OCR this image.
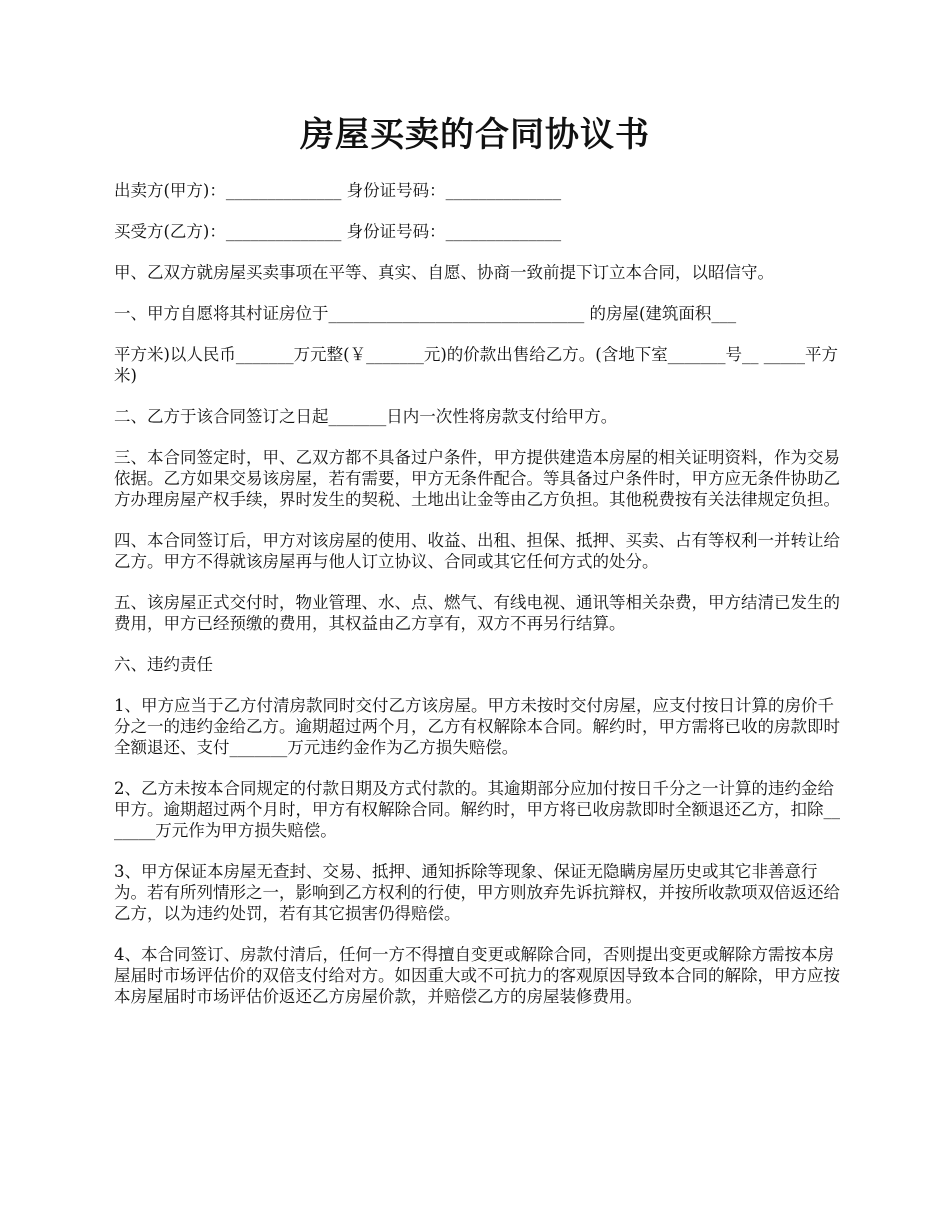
房屋买卖的合同协议书

出卖方(甲方)：______________ 身份证号码：______________

买受方(乙方)：______________ 身份证号码：______________

甲、乙双方就房屋买卖事项在平等、真实、自愿、协商一致前提下订立本合同，以昭信守。

一、甲方自愿将其村证房位于_______________________________ 的房屋(建筑面积___

平方米)以人民币_______万元整(￥_______元)的价款出售给乙方。(含地下室_______号__ _____平方米)

二、乙方于该合同签订之日起_______日内一次性将房款支付给甲方。

三、本合同签定时，甲、乙双方都不具备过户条件，甲方提供建造本房屋的相关证明资料，作为交易依据。乙方如果交易该房屋，若有需要，甲方无条件配合。等具备过户条件时，甲方应无条件协助乙方办理房屋产权手续，界时发生的契税、土地出让金等由乙方负担。其他税费按有关法律规定负担。

四、本合同签订后，甲方对该房屋的使用、收益、出租、担保、抵押、买卖、占有等权利一并转让给乙方。甲方不得就该房屋再与他人订立协议、合同或其它任何方式的处分。

五、该房屋正式交付时，物业管理、水、点、燃气、有线电视、通讯等相关杂费，甲方结清已发生的费用，甲方已经预缴的费用，其权益由乙方享有，双方不再另行结算。

六、违约责任

1、甲方应当于乙方付清房款同时交付乙方该房屋。甲方未按时交付房屋，应支付按日计算的房价千分之一的违约金给乙方。逾期超过两个月，乙方有权解除本合同。解约时，甲方需将已收的房款即时全额退还、支付_______万元违约金作为乙方损失赔偿。

2、乙方未按本合同规定的付款日期及方式付款的。其逾期部分应加付按日千分之一计算的违约金给甲方。逾期超过两个月时，甲方有权解除合同。解约时，甲方将已收房款即时全额退还乙方，扣除_______万元作为甲方损失赔偿。

3、甲方保证本房屋无查封、交易、抵押、通知拆除等现象、保证无隐瞒房屋历史或其它非善意行为。若有所列情形之一，影响到乙方权利的行使，甲方则放弃先诉抗辩权，并按所收款项双倍返还给乙方，以为违约处罚，若有其它损害仍得赔偿。

4、本合同签订、房款付清后，任何一方不得擅自变更或解除合同，否则提出变更或解除方需按本房屋届时市场评估价的双倍支付给对方。如因重大或不可抗力的客观原因导致本合同的解除，甲方应按本房屋届时市场评估价返还乙方房屋价款，并赔偿乙方的房屋装修费用。
